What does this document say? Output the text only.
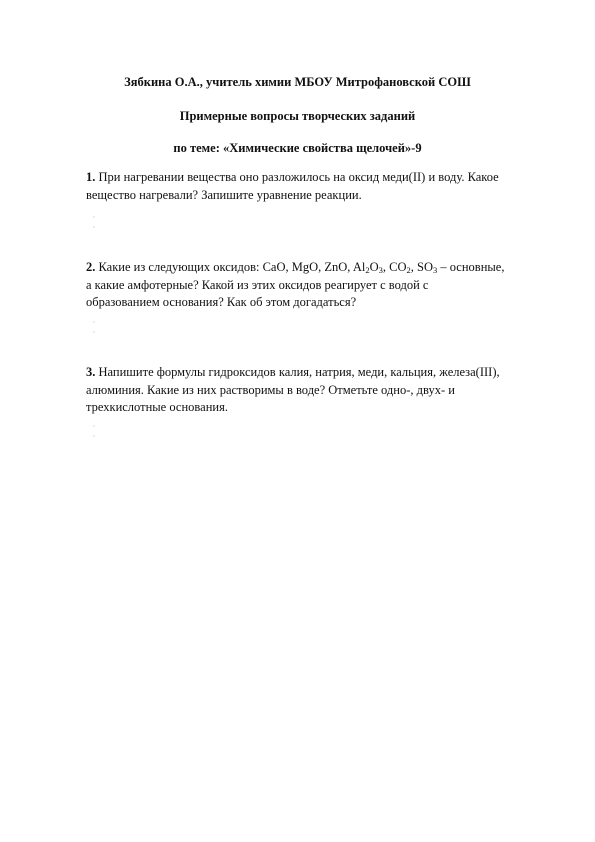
Зябкина О.А., учитель химии МБОУ Митрофановской СОШ
Примерные вопросы творческих заданий
по теме: «Химические свойства щелочей»-9
1. При нагревании вещества оно разложилось на оксид меди(II) и воду. Какое
вещество нагревали? Запишите уравнение реакции.
·
·
2. Какие из следующих оксидов: CaO, MgO, ZnO, $Al_2O_3$, $CO_2$, $SO_3$ – основные,
а какие амфотерные? Какой из этих оксидов реагирует с водой с
образованием основания? Как об этом догадаться?
·
·
3. Напишите формулы гидроксидов калия, натрия, меди, кальция, железа(III),
алюминия. Какие из них растворимы в воде? Отметьте одно-, двух- и
трехкислотные основания.
·
·
